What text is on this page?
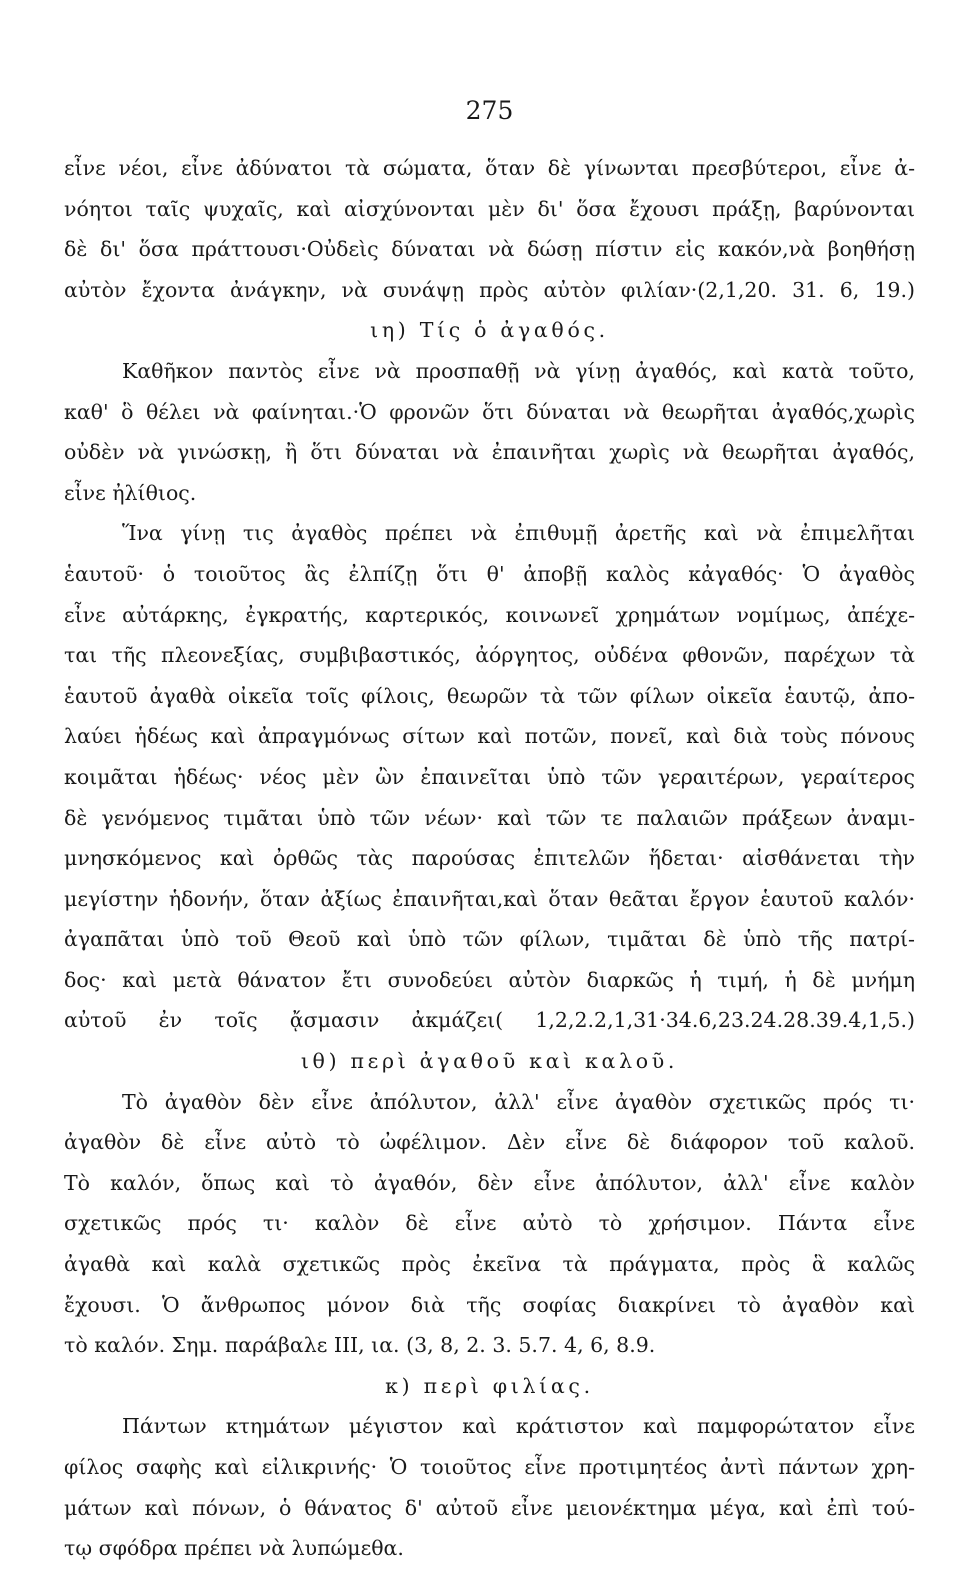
275
εἶνε νέοι, εἶνε ἀδύνατοι τὰ σώματα, ὅταν δὲ γίνωνται πρεσβύτεροι, εἶνε ἀ-
νόητοι ταῖς ψυχαῖς, καὶ αἰσχύνονται μὲν δι' ὅσα ἔχουσι πράξῃ, βαρύνονται
δὲ δι' ὅσα πράττουσι·Οὐδεὶς δύναται νὰ δώσῃ πίστιν εἰς κακόν,νὰ βοηθήσῃ
αὐτὸν ἔχοντα ἀνάγκην, νὰ συνάψῃ πρὸς αὐτὸν φιλίαν·(2,1,20. 31. 6, 19.)
ιη) Τίς ὁ ἀγαθός.
Καθῆκον παντὸς εἶνε νὰ προσπαθῇ νὰ γίνῃ ἀγαθός, καὶ κατὰ τοῦτο,
καθ' ὃ θέλει νὰ φαίνηται.·Ὁ φρονῶν ὅτι δύναται νὰ θεωρῆται ἀγαθός,χωρὶς
οὐδὲν νὰ γινώσκῃ, ἢ ὅτι δύναται νὰ ἐπαινῆται χωρὶς νὰ θεωρῆται ἀγαθός,
εἶνε ἠλίθιος.
Ἵνα γίνῃ τις ἀγαθὸς πρέπει νὰ ἐπιθυμῇ ἀρετῆς καὶ νὰ ἐπιμελῆται
ἑαυτοῦ· ὁ τοιοῦτος ἂς ἐλπίζῃ ὅτι θ' ἀποβῇ καλὸς κἀγαθός· Ὁ ἀγαθὸς
εἶνε αὐτάρκης, ἐγκρατής, καρτερικός, κοινωνεῖ χρημάτων νομίμως, ἀπέχε-
ται τῆς πλεονεξίας, συμβιβαστικός, ἀόργητος, οὐδένα φθονῶν, παρέχων τὰ
ἑαυτοῦ ἀγαθὰ οἰκεῖα τοῖς φίλοις, θεωρῶν τὰ τῶν φίλων οἰκεῖα ἑαυτῷ, ἀπο-
λαύει ἡδέως καὶ ἀπραγμόνως σίτων καὶ ποτῶν, πονεῖ, καὶ διὰ τοὺς πόνους
κοιμᾶται ἡδέως· νέος μὲν ὢν ἐπαινεῖται ὑπὸ τῶν γεραιτέρων, γεραίτερος
δὲ γενόμενος τιμᾶται ὑπὸ τῶν νέων· καὶ τῶν τε παλαιῶν πράξεων ἀναμι-
μνησκόμενος καὶ ὀρθῶς τὰς παρούσας ἐπιτελῶν ἥδεται· αἰσθάνεται τὴν
μεγίστην ἡδονήν, ὅταν ἀξίως ἐπαινῆται,καὶ ὅταν θεᾶται ἔργον ἑαυτοῦ καλόν·
ἀγαπᾶται ὑπὸ τοῦ Θεοῦ καὶ ὑπὸ τῶν φίλων, τιμᾶται δὲ ὑπὸ τῆς πατρί-
δος· καὶ μετὰ θάνατον ἔτι συνοδεύει αὐτὸν διαρκῶς ἡ τιμή, ἡ δὲ μνήμη
αὐτοῦ ἐν τοῖς ᾄσμασιν ἀκμάζει( 1,2,2.2,1,31·34.6,23.24.28.39.4,1,5.)
ιθ) περὶ ἀγαθοῦ καὶ καλοῦ.
Τὸ ἀγαθὸν δὲν εἶνε ἀπόλυτον, ἀλλ' εἶνε ἀγαθὸν σχετικῶς πρός τι·
ἀγαθὸν δὲ εἶνε αὐτὸ τὸ ὠφέλιμον. Δὲν εἶνε δὲ διάφορον τοῦ καλοῦ.
Τὸ καλόν, ὅπως καὶ τὸ ἀγαθόν, δὲν εἶνε ἀπόλυτον, ἀλλ' εἶνε καλὸν
σχετικῶς πρός τι· καλὸν δὲ εἶνε αὐτὸ τὸ χρήσιμον. Πάντα εἶνε
ἀγαθὰ καὶ καλὰ σχετικῶς πρὸς ἐκεῖνα τὰ πράγματα, πρὸς ἃ καλῶς
ἔχουσι. Ὁ ἄνθρωπος μόνον διὰ τῆς σοφίας διακρίνει τὸ ἀγαθὸν καὶ
τὸ καλόν. Σημ. παράβαλε ΙΙΙ, ια. (3, 8, 2. 3. 5.7. 4, 6, 8.9.
κ) περὶ φιλίας.
Πάντων κτημάτων μέγιστον καὶ κράτιστον καὶ παμφορώτατον εἶνε
φίλος σαφὴς καὶ εἰλικρινής· Ὁ τοιοῦτος εἶνε προτιμητέος ἀντὶ πάντων χρη-
μάτων καὶ πόνων, ὁ θάνατος δ' αὐτοῦ εἶνε μειονέκτημα μέγα, καὶ ἐπὶ τού-
τῳ σφόδρα πρέπει νὰ λυπώμεθα.
